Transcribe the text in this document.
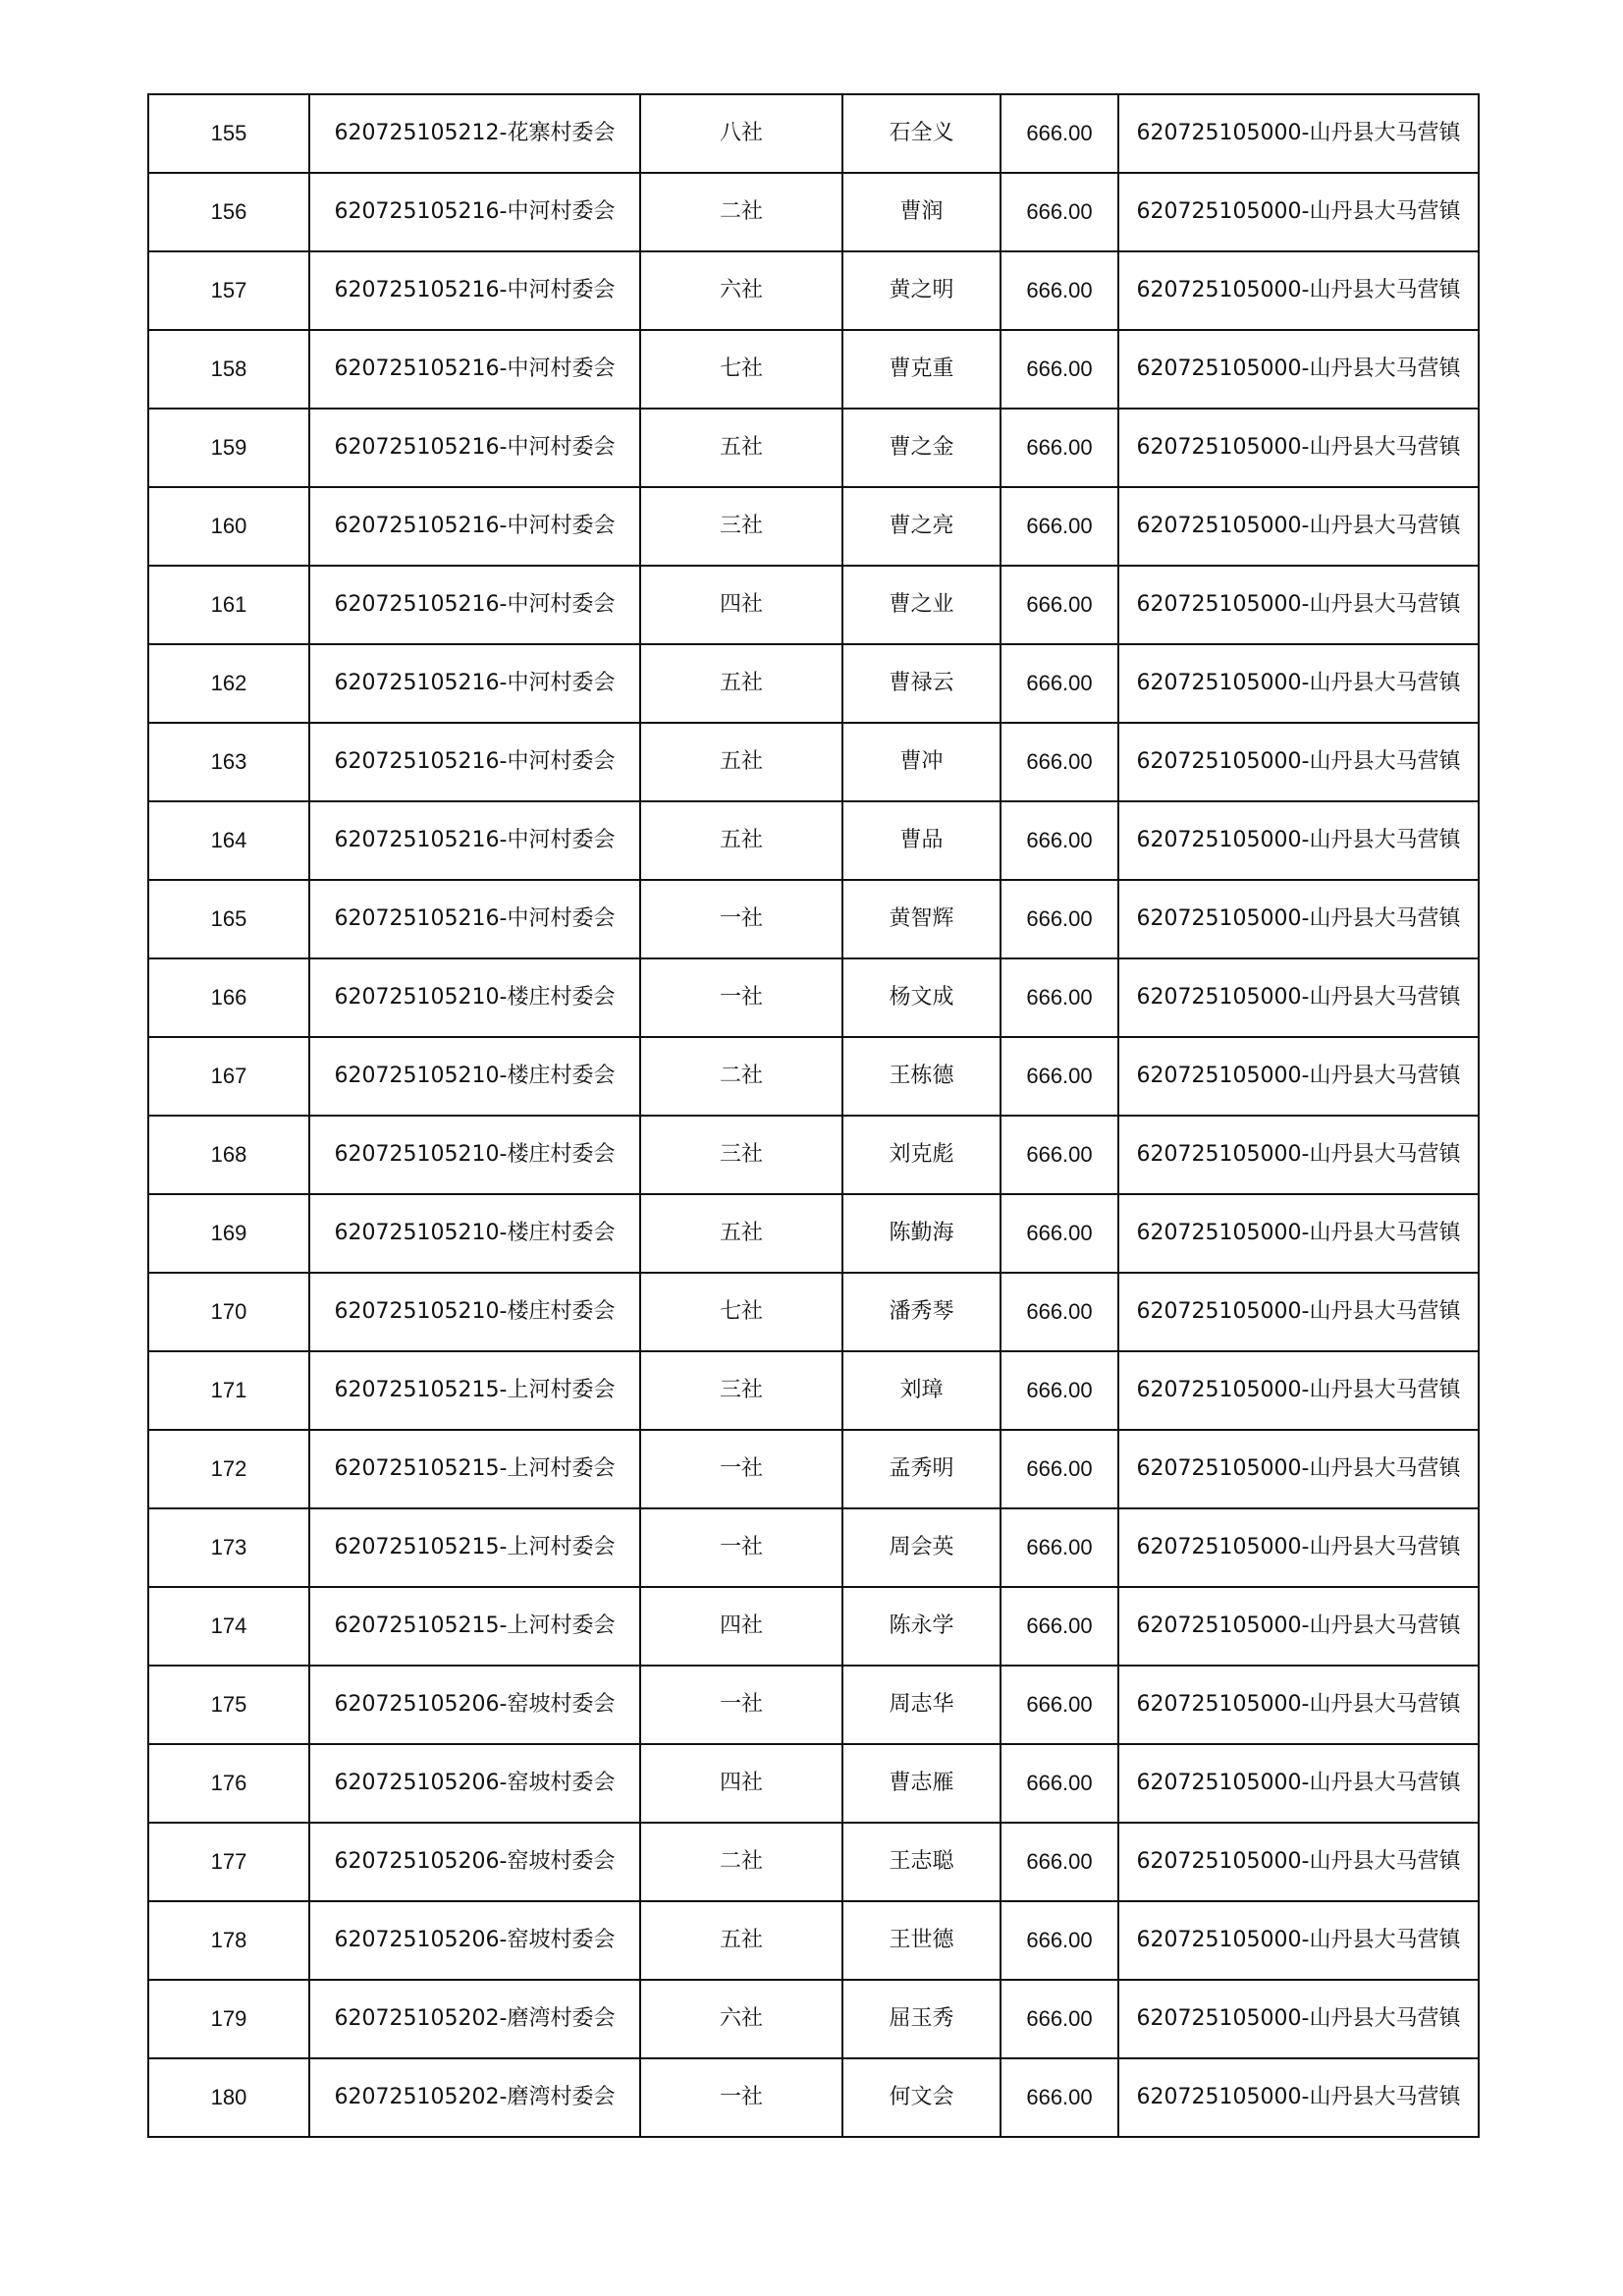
155	620725105212-花寨村委会	八社	石全义	666.00	620725105000-山丹县大马营镇
156	620725105216-中河村委会	二社	曹润	666.00	620725105000-山丹县大马营镇
157	620725105216-中河村委会	六社	黄之明	666.00	620725105000-山丹县大马营镇
158	620725105216-中河村委会	七社	曹克重	666.00	620725105000-山丹县大马营镇
159	620725105216-中河村委会	五社	曹之金	666.00	620725105000-山丹县大马营镇
160	620725105216-中河村委会	三社	曹之亮	666.00	620725105000-山丹县大马营镇
161	620725105216-中河村委会	四社	曹之业	666.00	620725105000-山丹县大马营镇
162	620725105216-中河村委会	五社	曹禄云	666.00	620725105000-山丹县大马营镇
163	620725105216-中河村委会	五社	曹冲	666.00	620725105000-山丹县大马营镇
164	620725105216-中河村委会	五社	曹品	666.00	620725105000-山丹县大马营镇
165	620725105216-中河村委会	一社	黄智辉	666.00	620725105000-山丹县大马营镇
166	620725105210-楼庄村委会	一社	杨文成	666.00	620725105000-山丹县大马营镇
167	620725105210-楼庄村委会	二社	王栋德	666.00	620725105000-山丹县大马营镇
168	620725105210-楼庄村委会	三社	刘克彪	666.00	620725105000-山丹县大马营镇
169	620725105210-楼庄村委会	五社	陈勤海	666.00	620725105000-山丹县大马营镇
170	620725105210-楼庄村委会	七社	潘秀琴	666.00	620725105000-山丹县大马营镇
171	620725105215-上河村委会	三社	刘璋	666.00	620725105000-山丹县大马营镇
172	620725105215-上河村委会	一社	孟秀明	666.00	620725105000-山丹县大马营镇
173	620725105215-上河村委会	一社	周会英	666.00	620725105000-山丹县大马营镇
174	620725105215-上河村委会	四社	陈永学	666.00	620725105000-山丹县大马营镇
175	620725105206-窑坡村委会	一社	周志华	666.00	620725105000-山丹县大马营镇
176	620725105206-窑坡村委会	四社	曹志雁	666.00	620725105000-山丹县大马营镇
177	620725105206-窑坡村委会	二社	王志聪	666.00	620725105000-山丹县大马营镇
178	620725105206-窑坡村委会	五社	王世德	666.00	620725105000-山丹县大马营镇
179	620725105202-磨湾村委会	六社	屈玉秀	666.00	620725105000-山丹县大马营镇
180	620725105202-磨湾村委会	一社	何文会	666.00	620725105000-山丹县大马营镇
